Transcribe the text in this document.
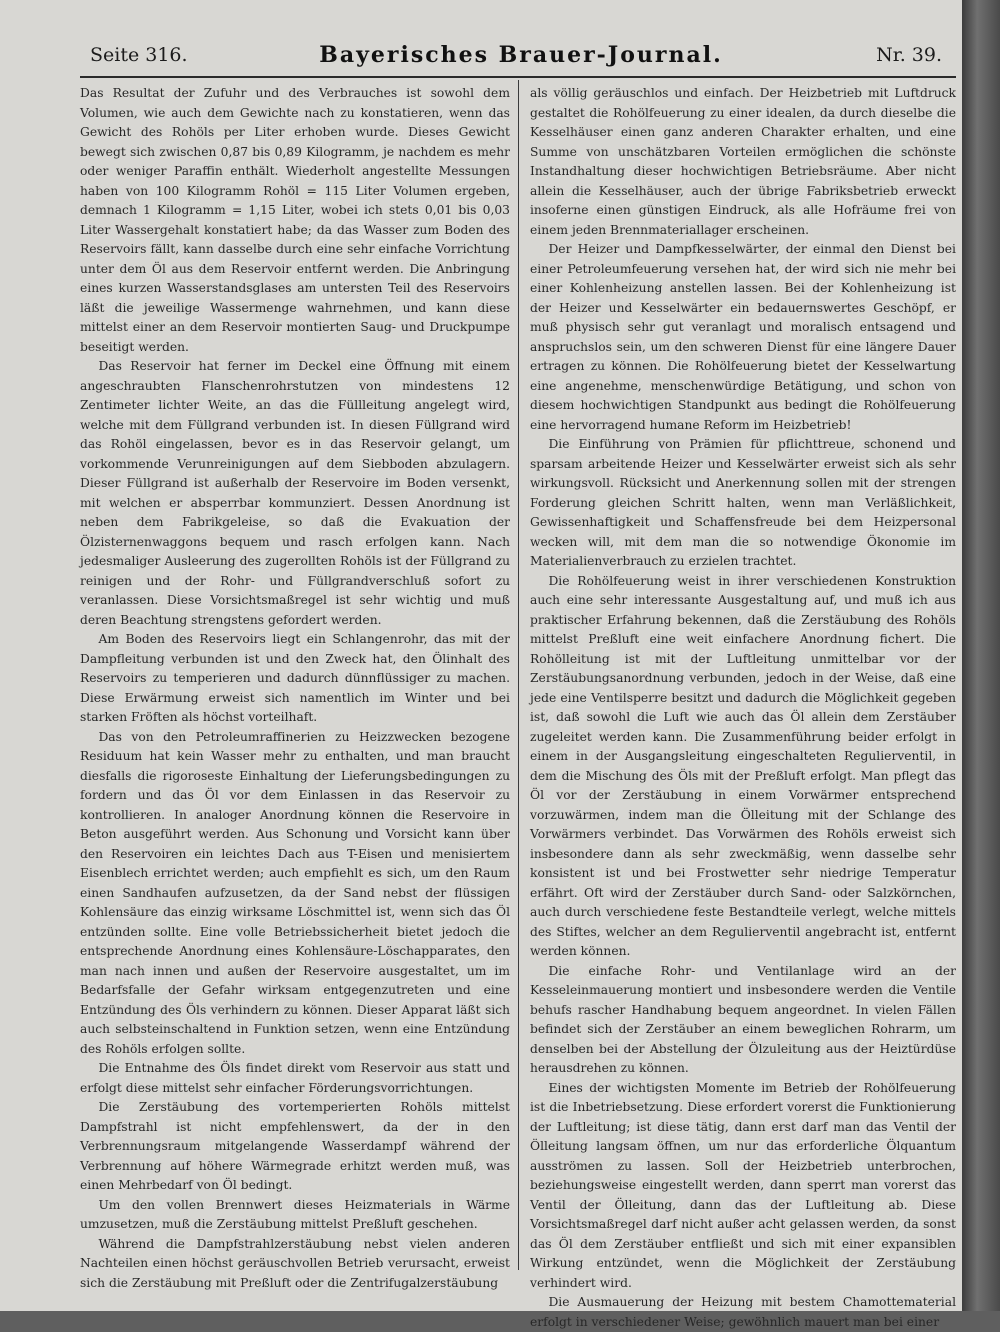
Seite 316.	Bayerisches Brauer-Journal.	Nr. 39.

Das Resultat der Zufuhr und des Verbrauches ist sowohl dem Volumen, wie auch dem Gewichte nach zu konstatieren, wenn das Gewicht des Rohöls per Liter erhoben wurde. Dieses Gewicht bewegt sich zwischen 0,87 bis 0,89 Kilogramm, je nachdem es mehr oder weniger Paraffin enthält. Wiederholt angestellte Messungen haben von 100 Kilogramm Rohöl = 115 Liter Volumen ergeben, demnach 1 Kilogramm = 1,15 Liter, wobei ich stets 0,01 bis 0,03 Liter Wassergehalt konstatiert habe; da das Wasser zum Boden des Reservoirs fällt, kann dasselbe durch eine sehr einfache Vorrichtung unter dem Öl aus dem Reservoir entfernt werden. Die Anbringung eines kurzen Wasserstandsglases am untersten Teil des Reservoirs läßt die jeweilige Wassermenge wahrnehmen, und kann diese mittelst einer an dem Reservoir montierten Saug- und Druckpumpe beseitigt werden.

Das Reservoir hat ferner im Deckel eine Öffnung mit einem angeschraubten Flanschenrohrstutzen von mindestens 12 Zentimeter lichter Weite, an das die Füllleitung angelegt wird, welche mit dem Füllgrand verbunden ist. In diesen Füllgrand wird das Rohöl eingelassen, bevor es in das Reservoir gelangt, um vorkommende Verunreinigungen auf dem Siebboden abzulagern. Dieser Füllgrand ist außerhalb der Reservoire im Boden versenkt, mit welchen er absperrbar kommunziert. Dessen Anordnung ist neben dem Fabrikgeleise, so daß die Evakuation der Ölzisternenwaggons bequem und rasch erfolgen kann. Nach jedesmaliger Ausleerung des zugerollten Rohöls ist der Füllgrand zu reinigen und der Rohr- und Füllgrandverschluß sofort zu veranlassen. Diese Vorsichtsmaßregel ist sehr wichtig und muß deren Beachtung strengstens gefordert werden.

Am Boden des Reservoirs liegt ein Schlangenrohr, das mit der Dampfleitung verbunden ist und den Zweck hat, den Ölinhalt des Reservoirs zu temperieren und dadurch dünnflüssiger zu machen. Diese Erwärmung erweist sich namentlich im Winter und bei starken Fröften als höchst vorteilhaft.

Das von den Petroleumraffinerien zu Heizzwecken bezogene Residuum hat kein Wasser mehr zu enthalten, und man braucht diesfalls die rigoroseste Einhaltung der Lieferungsbedingungen zu fordern und das Öl vor dem Einlassen in das Reservoir zu kontrollieren. In analoger Anordnung können die Reservoire in Beton ausgeführt werden. Aus Schonung und Vorsicht kann über den Reservoiren ein leichtes Dach aus T-Eisen und menisiertem Eisenblech errichtet werden; auch empfiehlt es sich, um den Raum einen Sandhaufen aufzusetzen, da der Sand nebst der flüssigen Kohlensäure das einzig wirksame Löschmittel ist, wenn sich das Öl entzünden sollte. Eine volle Betriebssicherheit bietet jedoch die entsprechende Anordnung eines Kohlensäure-Löschapparates, den man nach innen und außen der Reservoire ausgestaltet, um im Bedarfsfalle der Gefahr wirksam entgegenzutreten und eine Entzündung des Öls verhindern zu können. Dieser Apparat läßt sich auch selbsteinschaltend in Funktion setzen, wenn eine Entzündung des Rohöls erfolgen sollte.

Die Entnahme des Öls findet direkt vom Reservoir aus statt und erfolgt diese mittelst sehr einfacher Förderungsvorrichtungen.

Die Zerstäubung des vortemperierten Rohöls mittelst Dampfstrahl ist nicht empfehlenswert, da der in den Verbrennungsraum mitgelangende Wasserdampf während der Verbrennung auf höhere Wärmegrade erhitzt werden muß, was einen Mehrbedarf von Öl bedingt.

Um den vollen Brennwert dieses Heizmaterials in Wärme umzusetzen, muß die Zerstäubung mittelst Preßluft geschehen.

Während die Dampfstrahlzerstäubung nebst vielen anderen Nachteilen einen höchst geräuschvollen Betrieb verursacht, erweist sich die Zerstäubung mit Preßluft oder die Zentrifugalzerstäubung

als völlig geräuschlos und einfach. Der Heizbetrieb mit Luftdruck gestaltet die Rohölfeuerung zu einer idealen, da durch dieselbe die Kesselhäuser einen ganz anderen Charakter erhalten, und eine Summe von unschätzbaren Vorteilen ermöglichen die schönste Instandhaltung dieser hochwichtigen Betriebsräume. Aber nicht allein die Kesselhäuser, auch der übrige Fabriksbetrieb erweckt insoferne einen günstigen Eindruck, als alle Hofräume frei von einem jeden Brennmateriallager erscheinen.

Der Heizer und Dampfkesselwärter, der einmal den Dienst bei einer Petroleumfeuerung versehen hat, der wird sich nie mehr bei einer Kohlenheizung anstellen lassen. Bei der Kohlenheizung ist der Heizer und Kesselwärter ein bedauernswertes Geschöpf, er muß physisch sehr gut veranlagt und moralisch entsagend und anspruchslos sein, um den schweren Dienst für eine längere Dauer ertragen zu können. Die Rohölfeuerung bietet der Kesselwartung eine angenehme, menschenwürdige Betätigung, und schon von diesem hochwichtigen Standpunkt aus bedingt die Rohölfeuerung eine hervorragend humane Reform im Heizbetrieb!

Die Einführung von Prämien für pflichttreue, schonend und sparsam arbeitende Heizer und Kesselwärter erweist sich als sehr wirkungsvoll. Rücksicht und Anerkennung sollen mit der strengen Forderung gleichen Schritt halten, wenn man Verläßlichkeit, Gewissenhaftigkeit und Schaffensfreude bei dem Heizpersonal wecken will, mit dem man die so notwendige Ökonomie im Materialienverbrauch zu erzielen trachtet.

Die Rohölfeuerung weist in ihrer verschiedenen Konstruktion auch eine sehr interessante Ausgestaltung auf, und muß ich aus praktischer Erfahrung bekennen, daß die Zerstäubung des Rohöls mittelst Preßluft eine weit einfachere Anordnung fichert. Die Rohölleitung ist mit der Luftleitung unmittelbar vor der Zerstäubungsanordnung verbunden, jedoch in der Weise, daß eine jede eine Ventilsperre besitzt und dadurch die Möglichkeit gegeben ist, daß sowohl die Luft wie auch das Öl allein dem Zerstäuber zugeleitet werden kann. Die Zusammenführung beider erfolgt in einem in der Ausgangsleitung eingeschalteten Regulierventil, in dem die Mischung des Öls mit der Preßluft erfolgt. Man pflegt das Öl vor der Zerstäubung in einem Vorwärmer entsprechend vorzuwärmen, indem man die Ölleitung mit der Schlange des Vorwärmers verbindet. Das Vorwärmen des Rohöls erweist sich insbesondere dann als sehr zweckmäßig, wenn dasselbe sehr konsistent ist und bei Frostwetter sehr niedrige Temperatur erfährt. Oft wird der Zerstäuber durch Sand- oder Salzkörnchen, auch durch verschiedene feste Bestandteile verlegt, welche mittels des Stiftes, welcher an dem Regulierventil angebracht ist, entfernt werden können.

Die einfache Rohr- und Ventilanlage wird an der Kesseleinmauerung montiert und insbesondere werden die Ventile behufs rascher Handhabung bequem angeordnet. In vielen Fällen befindet sich der Zerstäuber an einem beweglichen Rohrarm, um denselben bei der Abstellung der Ölzuleitung aus der Heiztürdüse herausdrehen zu können.

Eines der wichtigsten Momente im Betrieb der Rohölfeuerung ist die Inbetriebsetzung. Diese erfordert vorerst die Funktionierung der Luftleitung; ist diese tätig, dann erst darf man das Ventil der Ölleitung langsam öffnen, um nur das erforderliche Ölquantum ausströmen zu lassen. Soll der Heizbetrieb unterbrochen, beziehungsweise eingestellt werden, dann sperrt man vorerst das Ventil der Ölleitung, dann das der Luftleitung ab. Diese Vorsichtsmaßregel darf nicht außer acht gelassen werden, da sonst das Öl dem Zerstäuber entfließt und sich mit einer expansiblen Wirkung entzündet, wenn die Möglichkeit der Zerstäubung verhindert wird.

Die Ausmauerung der Heizung mit bestem Chamottematerial erfolgt in verschiedener Weise; gewöhnlich mauert man bei einer
